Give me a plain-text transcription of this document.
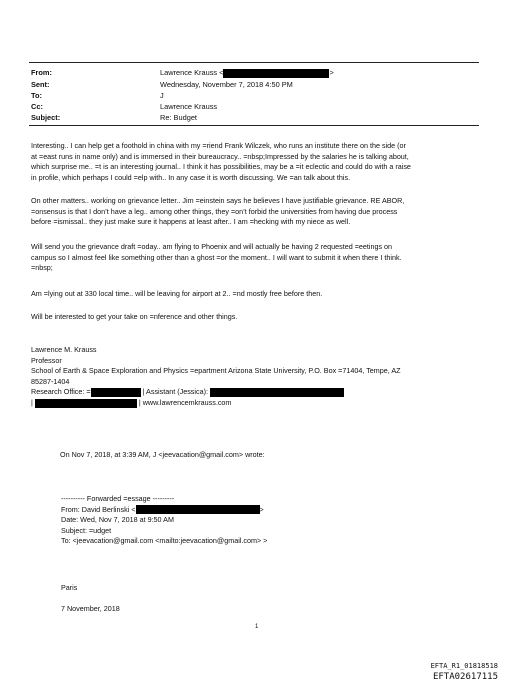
From:	Lawrence Krauss <	>
Sent:	Wednesday, November 7, 2018 4:50 PM
To:	J
Cc:	Lawrence Krauss
Subject:	Re: Budget
Interesting.. I can help get a foothold in china with my =riend Frank Wilczek, who runs an institute there on the side (or
at =east runs in name only) and is immersed in their bureaucracy.. =nbsp;Impressed by the salaries he is talking about,
which surprise me.. =t is an interesting journal.. I think it has possibilities, may be a =it eclectic and could do with a raise
in profile, which perhaps I could =elp with.. In any case it is worth discussing. We =an talk about this.
On other matters.. working on grievance letter.. Jim =einstein says he believes I have justifiable grievance. RE ABOR,
=onsensus is that I don’t have a leg.. among other things, they =on’t forbid the universities from having due process
before =ismissal.. they just make sure it happens at least after.. I am =hecking with my niece as well.
Will send you the grievance draft =oday.. am flying to Phoenix and will actually be having 2 requested =eetings on
campus so I almost feel like something other than a ghost =or the moment.. I will want to submit it when there I think.
=nbsp;
Am =lying out at 330 local time.. will be leaving for airport at 2.. =nd mostly free before then.
Will be interested to get your take on =nference and other things.
Lawrence M. Krauss
Professor
School of Earth & Space Exploration and Physics =epartment Arizona State University, P.O. Box =71404, Tempe, AZ
85287-1404
Research Office: =	| Assistant (Jessica):
|	| www.lawrencemkrauss.com
On Nov 7, 2018, at 3:39 AM, J <jeevacation@gmail.com> wrote:
---------- Forwarded =essage ---------
From: David Berlinski <	>
Date: Wed, Nov 7, 2018 at 9:50 AM
Subject: =udget
To: <jeevacation@gmail.com <mailto:jeevacation@gmail.com> >
Paris
7 November, 2018
1
EFTA_R1_01818518
EFTA02617115
